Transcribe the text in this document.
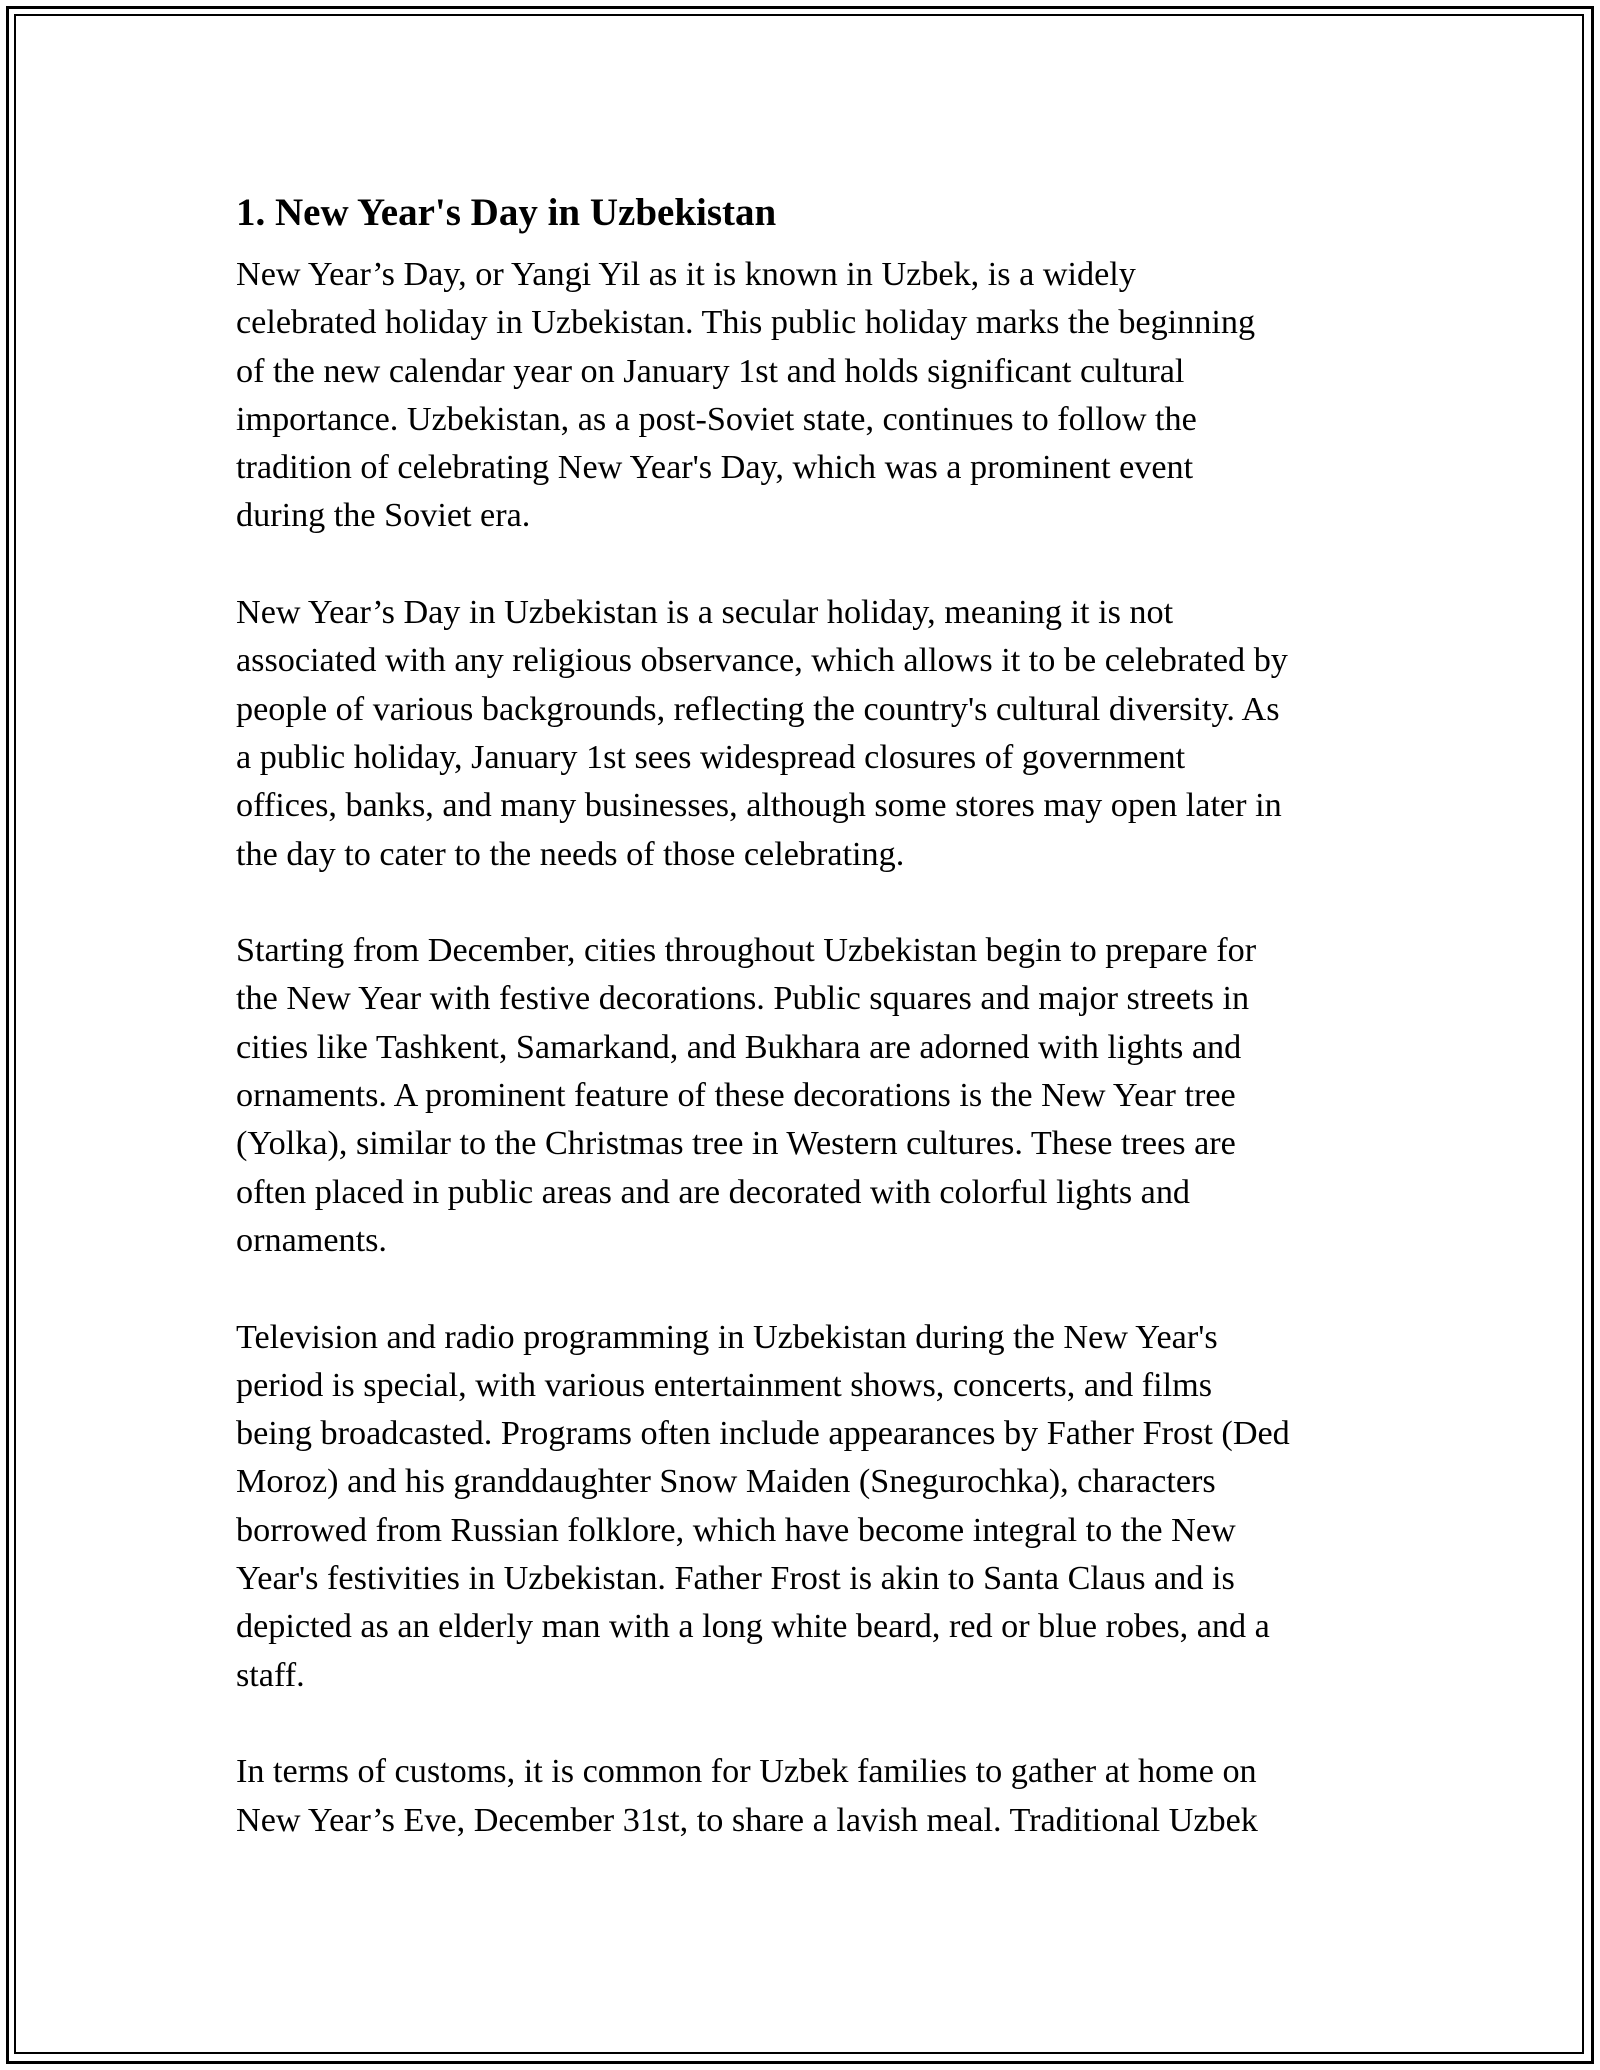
1. New Year's Day in Uzbekistan

New Year’s Day, or Yangi Yil as it is known in Uzbek, is a widely
celebrated holiday in Uzbekistan. This public holiday marks the beginning
of the new calendar year on January 1st and holds significant cultural
importance. Uzbekistan, as a post-Soviet state, continues to follow the
tradition of celebrating New Year's Day, which was a prominent event
during the Soviet era.

New Year’s Day in Uzbekistan is a secular holiday, meaning it is not
associated with any religious observance, which allows it to be celebrated by
people of various backgrounds, reflecting the country's cultural diversity. As
a public holiday, January 1st sees widespread closures of government
offices, banks, and many businesses, although some stores may open later in
the day to cater to the needs of those celebrating.

Starting from December, cities throughout Uzbekistan begin to prepare for
the New Year with festive decorations. Public squares and major streets in
cities like Tashkent, Samarkand, and Bukhara are adorned with lights and
ornaments. A prominent feature of these decorations is the New Year tree
(Yolka), similar to the Christmas tree in Western cultures. These trees are
often placed in public areas and are decorated with colorful lights and
ornaments.

Television and radio programming in Uzbekistan during the New Year's
period is special, with various entertainment shows, concerts, and films
being broadcasted. Programs often include appearances by Father Frost (Ded
Moroz) and his granddaughter Snow Maiden (Snegurochka), characters
borrowed from Russian folklore, which have become integral to the New
Year's festivities in Uzbekistan. Father Frost is akin to Santa Claus and is
depicted as an elderly man with a long white beard, red or blue robes, and a
staff.

In terms of customs, it is common for Uzbek families to gather at home on
New Year’s Eve, December 31st, to share a lavish meal. Traditional Uzbek
